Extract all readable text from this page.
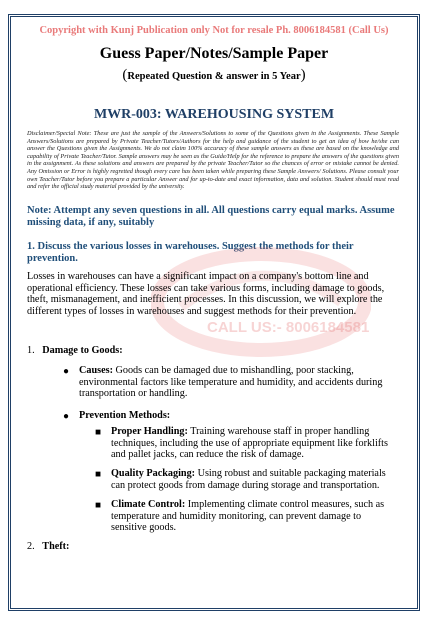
Copyright with Kunj Publication only Not for resale Ph. 8006184581 (Call Us)
Guess Paper/Notes/Sample Paper
(Repeated Question & answer in 5 Year)
MWR-003: WAREHOUSING SYSTEM
Disclaimer/Special Note: These are just the sample of the Answers/Solutions to some of the Questions given in the Assignments. These Sample Answers/Solutions are prepared by Private Teacher/Tutors/Authors for the help and guidance of the student to get an idea of how he/she can answer the Questions given the Assignments. We do not claim 100% accuracy of these sample answers as these are based on the knowledge and capability of Private Teacher/Tutor. Sample answers may be seen as the Guide/Help for the reference to prepare the answers of the questions given in the assignment. As these solutions and answers are prepared by the private Teacher/Tutor so the chances of error or mistake cannot be denied. Any Omission or Error is highly regretted though every care has been taken while preparing these Sample Answers/ Solutions. Please consult your own Teacher/Tutor before you prepare a particular Answer and for up-to-date and exact information, data and solution. Student should must read and refer the official study material provided by the university.
Note: Attempt any seven questions in all. All questions carry equal marks. Assume missing data, if any, suitably
1. Discuss the various losses in warehouses. Suggest the methods for their prevention.
CALL US:- 8006184581
Losses in warehouses can have a significant impact on a company's bottom line and operational efficiency. These losses can take various forms, including damage to goods, theft, mismanagement, and inefficient processes. In this discussion, we will explore the different types of losses in warehouses and suggest methods for their prevention.
1. Damage to Goods:
● Causes: Goods can be damaged due to mishandling, poor stacking, environmental factors like temperature and humidity, and accidents during transportation or handling.
● Prevention Methods:
■ Proper Handling: Training warehouse staff in proper handling techniques, including the use of appropriate equipment like forklifts and pallet jacks, can reduce the risk of damage.
■ Quality Packaging: Using robust and suitable packaging materials can protect goods from damage during storage and transportation.
■ Climate Control: Implementing climate control measures, such as temperature and humidity monitoring, can prevent damage to sensitive goods.
2. Theft:
